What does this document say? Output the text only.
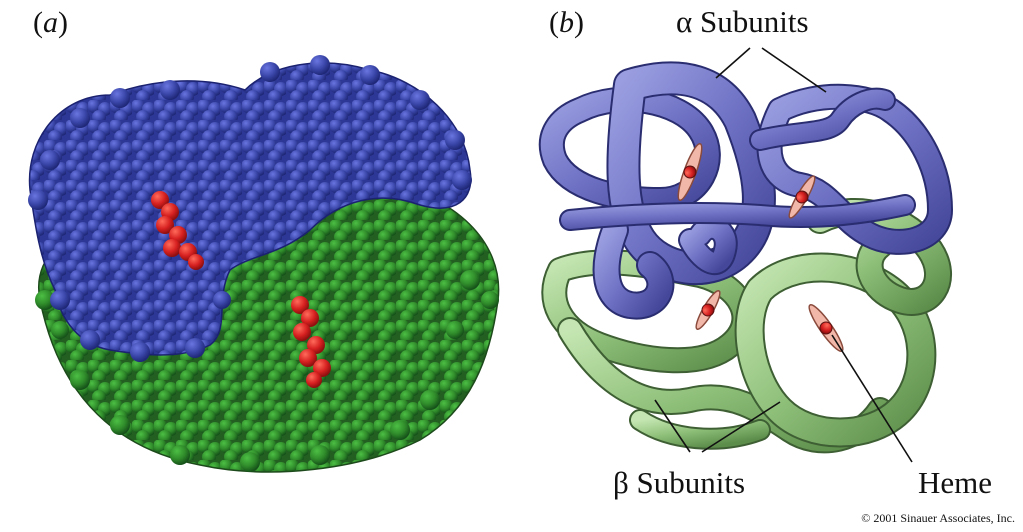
(a)	(b)	α Subunits
β Subunits	Heme
© 2001 Sinauer Associates, Inc.
